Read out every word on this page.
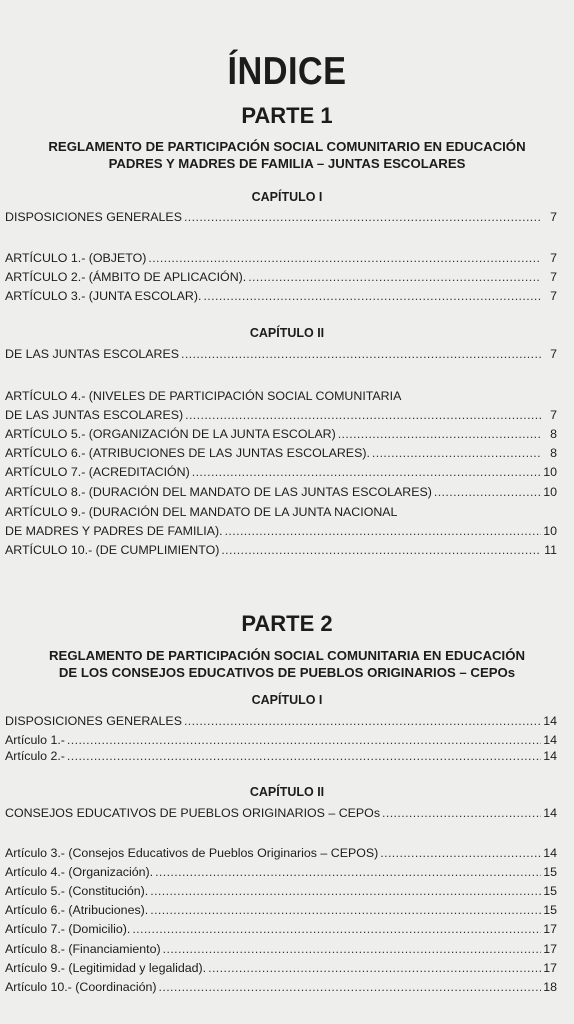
ÍNDICE
PARTE 1
REGLAMENTO DE PARTICIPACIÓN SOCIAL COMUNITARIO EN EDUCACIÓN
PADRES Y MADRES DE FAMILIA – JUNTAS ESCOLARES
CAPÍTULO I
DISPOSICIONES GENERALES .....	7
ARTÍCULO 1.- (OBJETO) .....	7
ARTÍCULO 2.- (ÁMBITO DE APLICACIÓN). .....	7
ARTÍCULO 3.- (JUNTA ESCOLAR). .....	7
CAPÍTULO II
DE LAS JUNTAS ESCOLARES .....	7
ARTÍCULO 4.- (NIVELES DE PARTICIPACIÓN SOCIAL COMUNITARIA
DE LAS JUNTAS ESCOLARES) .....	7
ARTÍCULO 5.- (ORGANIZACIÓN DE LA JUNTA ESCOLAR) .....	8
ARTÍCULO 6.- (ATRIBUCIONES DE LAS JUNTAS ESCOLARES). .....	8
ARTÍCULO 7.- (ACREDITACIÓN) .....	10
ARTÍCULO 8.- (DURACIÓN DEL MANDATO DE LAS JUNTAS ESCOLARES) .....	10
ARTÍCULO 9.- (DURACIÓN DEL MANDATO DE LA JUNTA NACIONAL
DE MADRES Y PADRES DE FAMILIA). .....	10
ARTÍCULO 10.- (DE CUMPLIMIENTO) .....	11
PARTE 2
REGLAMENTO DE PARTICIPACIÓN SOCIAL COMUNITARIA EN EDUCACIÓN
DE LOS CONSEJOS EDUCATIVOS DE PUEBLOS ORIGINARIOS – CEPOs
CAPÍTULO I
DISPOSICIONES GENERALES .....	14
Artículo 1.- .....	14
Artículo 2.- .....	14
CAPÍTULO II
CONSEJOS EDUCATIVOS DE PUEBLOS ORIGINARIOS – CEPOs .....	14
Artículo 3.- (Consejos Educativos de Pueblos Originarios – CEPOS) .....	14
Artículo 4.- (Organización). .....	15
Artículo 5.- (Constitución). .....	15
Artículo 6.- (Atribuciones). .....	15
Artículo 7.- (Domicilio). .....	17
Artículo 8.- (Financiamiento) .....	17
Artículo 9.- (Legitimidad y legalidad). .....	17
Artículo 10.- (Coordinación) .....	18
